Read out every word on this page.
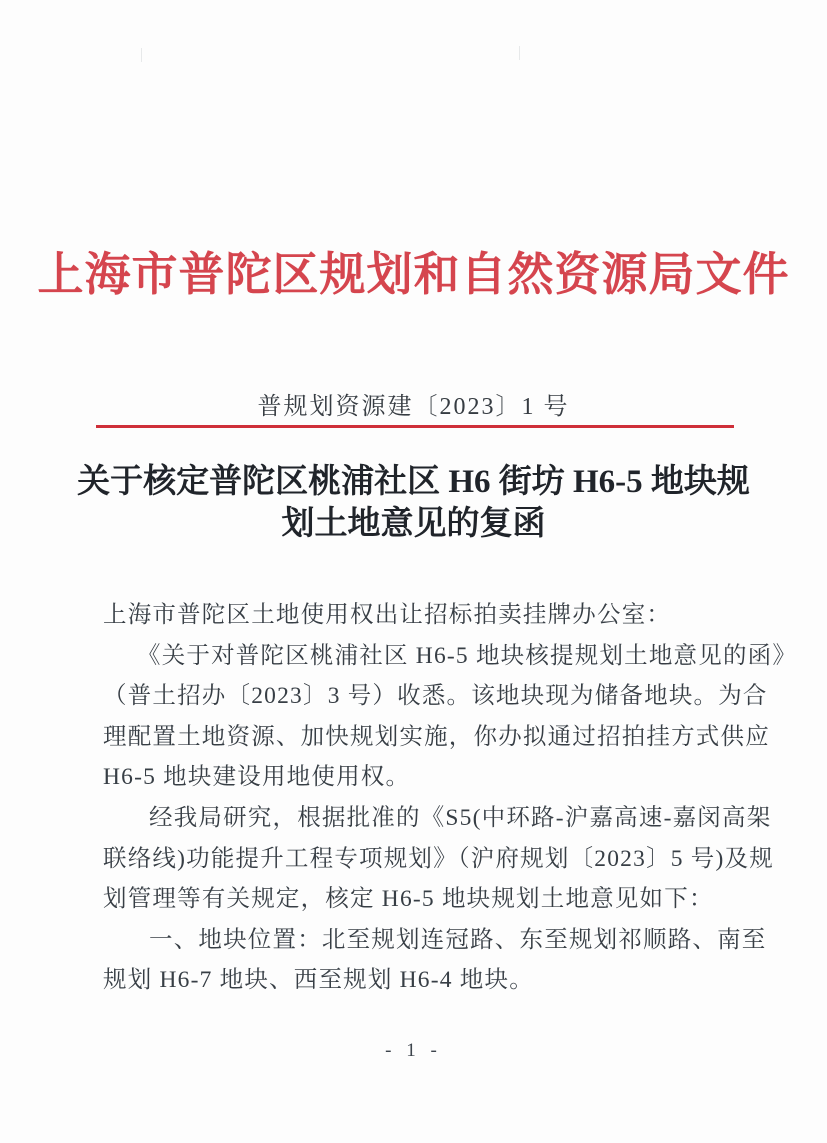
上海市普陀区规划和自然资源局文件
普规划资源建〔2023〕1 号
关于核定普陀区桃浦社区 H6 街坊 H6-5 地块规
划土地意见的复函
上海市普陀区土地使用权出让招标拍卖挂牌办公室：
《关于对普陀区桃浦社区 H6-5 地块核提规划土地意见的函》
（普土招办〔2023〕3 号）收悉。该地块现为储备地块。为合
理配置土地资源、加快规划实施，你办拟通过招拍挂方式供应
H6-5 地块建设用地使用权。
经我局研究，根据批准的《S5(中环路-沪嘉高速-嘉闵高架
联络线)功能提升工程专项规划》（沪府规划〔2023〕5 号)及规
划管理等有关规定，核定 H6-5 地块规划土地意见如下：
一、地块位置：北至规划连冠路、东至规划祁顺路、南至
规划 H6-7 地块、西至规划 H6-4 地块。
- 1 -
